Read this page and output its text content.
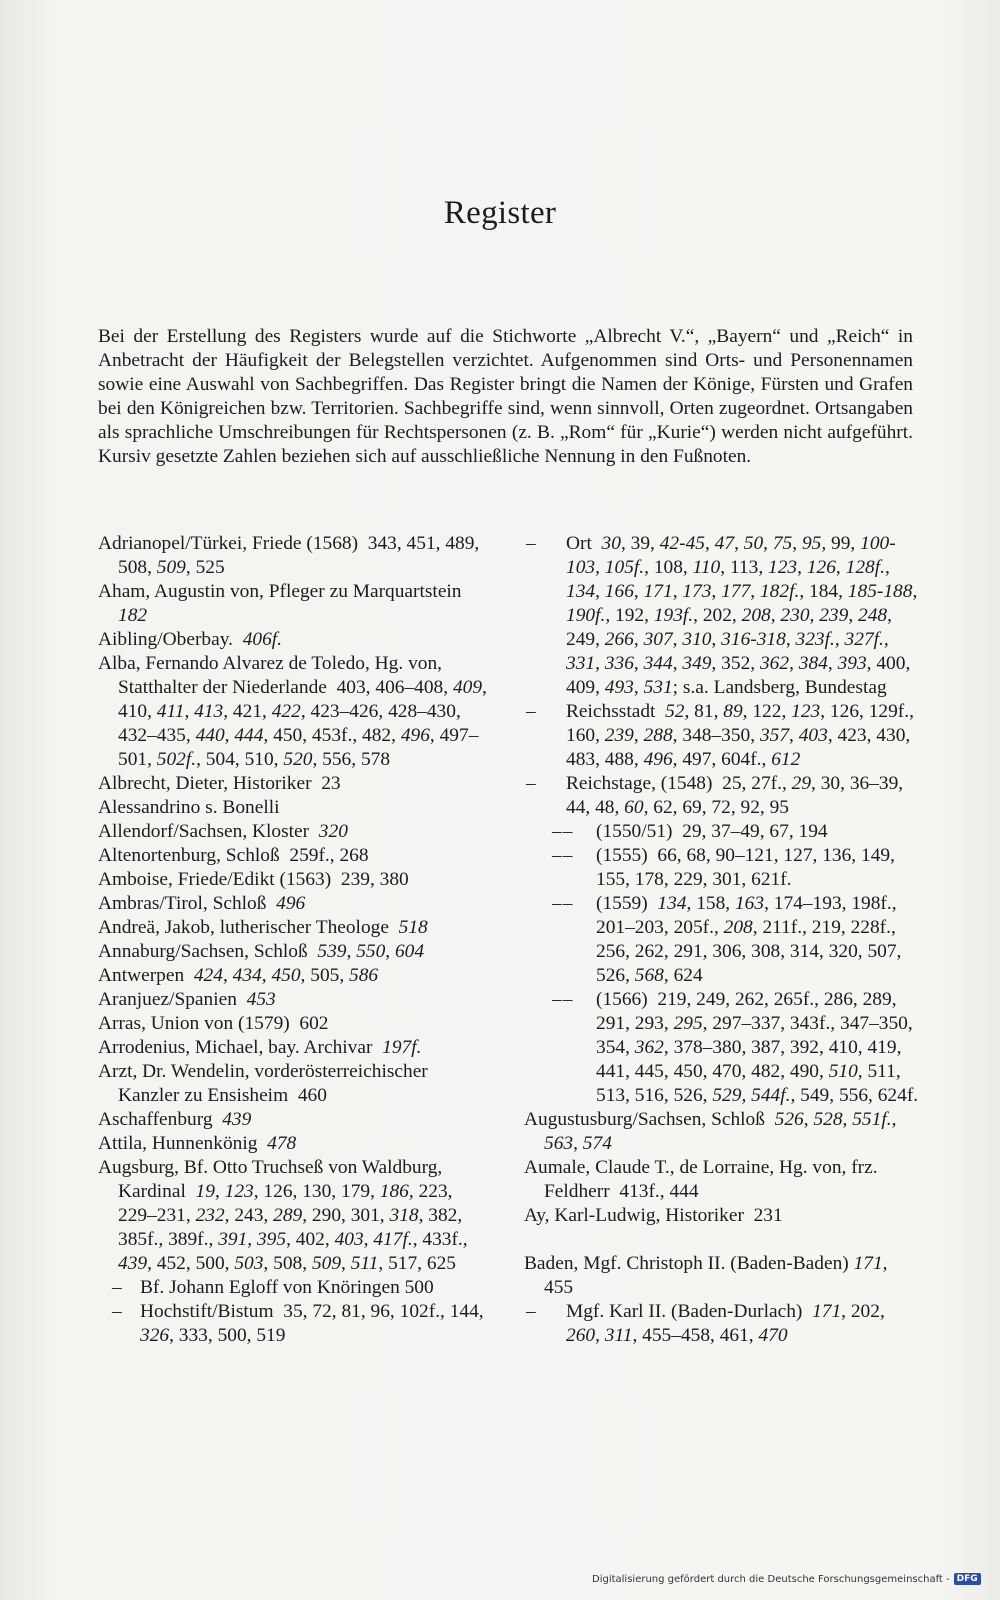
Register

Bei der Erstellung des Registers wurde auf die Stichworte „Albrecht V.“, „Bayern“ und „Reich“ in Anbetracht der Häufigkeit der Belegstellen verzichtet. Aufgenommen sind Orts- und Personennamen sowie eine Auswahl von Sachbegriffen. Das Register bringt die Namen der Könige, Fürsten und Grafen bei den Königreichen bzw. Territorien. Sachbegriffe sind, wenn sinnvoll, Orten zugeordnet. Ortsangaben als sprachliche Umschreibungen für Rechtspersonen (z. B. „Rom“ für „Kurie“) werden nicht aufgeführt. Kursiv gesetzte Zahlen beziehen sich auf ausschließliche Nennung in den Fußnoten.

Adrianopel/Türkei, Friede (1568)  343, 451, 489, 508, 509, 525

Aham, Augustin von, Pfleger zu Marquartstein  182

Aibling/Oberbay.  406f.

Alba, Fernando Alvarez de Toledo, Hg. von, Statthalter der Niederlande  403, 406–408, 409, 410, 411, 413, 421, 422, 423–426, 428–430, 432–435, 440, 444, 450, 453f., 482, 496, 497–501, 502f., 504, 510, 520, 556, 578

Albrecht, Dieter, Historiker  23

Alessandrino s. Bonelli

Allendorf/Sachsen, Kloster  320

Altenortenburg, Schloß  259f., 268

Amboise, Friede/Edikt (1563)  239, 380

Ambras/Tirol, Schloß  496

Andreä, Jakob, lutherischer Theologe  518

Annaburg/Sachsen, Schloß  539, 550, 604

Antwerpen  424, 434, 450, 505, 586

Aranjuez/Spanien  453

Arras, Union von (1579)  602

Arrodenius, Michael, bay. Archivar  197f.

Arzt, Dr. Wendelin, vorderösterreichischer Kanzler zu Ensisheim  460

Aschaffenburg  439

Attila, Hunnenkönig  478

Augsburg, Bf. Otto Truchseß von Waldburg, Kardinal  19, 123, 126, 130, 179, 186, 223, 229–231, 232, 243, 289, 290, 301, 318, 382, 385f., 389f., 391, 395, 402, 403, 417f., 433f., 439, 452, 500, 503, 508, 509, 511, 517, 625

– Bf. Johann Egloff von Knöringen 500

– Hochstift/Bistum  35, 72, 81, 96, 102f., 144, 326, 333, 500, 519

– Ort  30, 39, 42-45, 47, 50, 75, 95, 99, 100-103, 105f., 108, 110, 113, 123, 126, 128f., 134, 166, 171, 173, 177, 182f., 184, 185-188, 190f., 192, 193f., 202, 208, 230, 239, 248, 249, 266, 307, 310, 316-318, 323f., 327f., 331, 336, 344, 349, 352, 362, 384, 393, 400, 409, 493, 531; s.a. Landsberg, Bundestag

– Reichsstadt  52, 81, 89, 122, 123, 126, 129f., 160, 239, 288, 348–350, 357, 403, 423, 430, 483, 488, 496, 497, 604f., 612

– Reichstage, (1548)  25, 27f., 29, 30, 36–39, 44, 48, 60, 62, 69, 72, 92, 95

–– (1550/51)  29, 37–49, 67, 194

–– (1555)  66, 68, 90–121, 127, 136, 149, 155, 178, 229, 301, 621f.

–– (1559)  134, 158, 163, 174–193, 198f., 201–203, 205f., 208, 211f., 219, 228f., 256, 262, 291, 306, 308, 314, 320, 507, 526, 568, 624

–– (1566)  219, 249, 262, 265f., 286, 289, 291, 293, 295, 297–337, 343f., 347–350, 354, 362, 378–380, 387, 392, 410, 419, 441, 445, 450, 470, 482, 490, 510, 511, 513, 516, 526, 529, 544f., 549, 556, 624f.

Augustusburg/Sachsen, Schloß  526, 528, 551f., 563, 574

Aumale, Claude T., de Lorraine, Hg. von, frz. Feldherr  413f., 444

Ay, Karl-Ludwig, Historiker  231

Baden, Mgf. Christoph II. (Baden-Baden) 171, 455

– Mgf. Karl II. (Baden-Durlach)  171, 202, 260, 311, 455–458, 461, 470

Digitalisierung gefördert durch die Deutsche Forschungsgemeinschaft - DFG
